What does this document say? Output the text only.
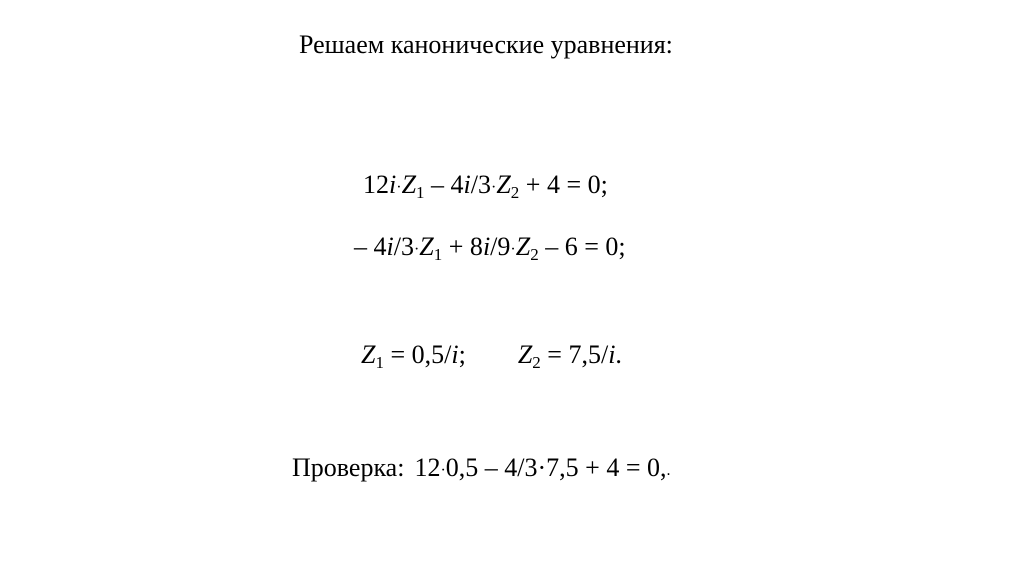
Решаем канонические уравнения:
$12i\cdot Z_1 - 4i/3\cdot Z_2 + 4 = 0$;
– $4i/3\cdot Z_1 + 8i/9\cdot Z_2 - 6 = 0$;
$Z_1 = 0,5/i$; $Z_2 = 7,5/i$.
Проверка: 12·0,5 – 4/3·7,5 + 4 = 0,.
